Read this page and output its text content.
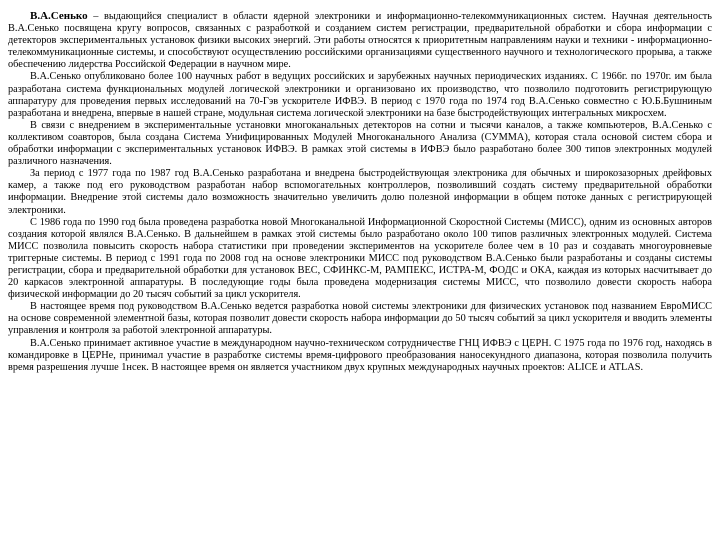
В.А.Сенько – выдающийся специалист в области ядерной электроники и информационно-телекоммуникационных систем. Научная деятельность В.А.Сенько посвящена кругу вопросов, связанных с разработкой и созданием систем регистрации, предварительной обработки и сбора информации с детекторов экспериментальных установок физики высоких энергий. Эти работы относятся к приоритетным направлениям науки и техники - информационно-телекоммуникационные системы, и способствуют осуществлению российскими организациями существенного научного и технологического прорыва, а также обеспечению лидерства Российской Федерации в научном мире.

В.А.Сенько опубликовано более 100 научных работ в ведущих российских и зарубежных научных периодических изданиях. С 1966г. по 1970г. им была разработана система функциональных модулей логической электроники и организовано их производство, что позволило подготовить регистрирующую аппаратуру для проведения первых исследований на 70-Гэв ускорителе ИФВЭ. В период с 1970 года по 1974 год В.А.Сенько совместно с Ю.Б.Бушниным разработана и внедрена, впервые в нашей стране, модульная система логической электроники на базе быстродействующих интегральных микросхем.

В связи с внедрением в экспериментальные установки многоканальных детекторов на сотни и тысячи каналов, а также компьютеров, В.А.Сенько с коллективом соавторов, была создана Система Унифицированных Модулей Многоканального Анализа (СУММА), которая стала основой систем сбора и обработки информации с экспериментальных установок ИФВЭ. В рамках этой системы в ИФВЭ было разработано более 300 типов электронных модулей различного назначения.

За период с 1977 года по 1987 год В.А.Сенько разработана и внедрена быстродействующая электроника для обычных и широкозазорных дрейфовых камер, а также под его руководством разработан набор вспомогательных контроллеров, позволивший создать систему предварительной обработки информации. Внедрение этой системы дало возможность значительно увеличить долю полезной информации в общем потоке данных с регистрирующей электроники.

С 1986 года по 1990 год была проведена разработка новой Многоканальной Информационной Скоростной Системы (МИСС), одним из основных авторов создания которой являлся В.А.Сенько. В дальнейшем в рамках этой системы было разработано около 100 типов различных электронных модулей. Система МИСС позволила повысить скорость набора статистики при проведении экспериментов на ускорителе более чем в 10 раз и создавать многоуровневые триггерные системы. В период с 1991 года по 2008 год на основе электроники МИСС под руководством В.А.Сенько были разработаны и созданы системы регистрации, сбора и предварительной обработки для установок ВЕС, СФИНКС-М, РАМПЕКС, ИСТРА-М, ФОДС и ОКА, каждая из которых насчитывает до 20 каркасов электронной аппаратуры. В последующие годы была проведена модернизация системы МИСС, что позволило довести скорость набора физической информации до 20 тысяч событий за цикл ускорителя.

В настоящее время под руководством В.А.Сенько ведется разработка новой системы электроники для физических установок под названием ЕвроМИСС на основе современной элементной базы, которая позволит довести скорость набора информации до 50 тысяч событий за цикл ускорителя и вводить элементы управления и контроля за работой электронной аппаратуры.

В.А.Сенько принимает активное участие в международном научно-техническом сотрудничестве ГНЦ ИФВЭ с ЦЕРН. С 1975 года по 1976 год, находясь в командировке в ЦЕРНе, принимал участие в разработке системы время-цифрового преобразования наносекундного диапазона, которая позволила получить время разрешения лучше 1нсек. В настоящее время он является участником двух крупных международных научных проектов: ALICE и ATLAS.
